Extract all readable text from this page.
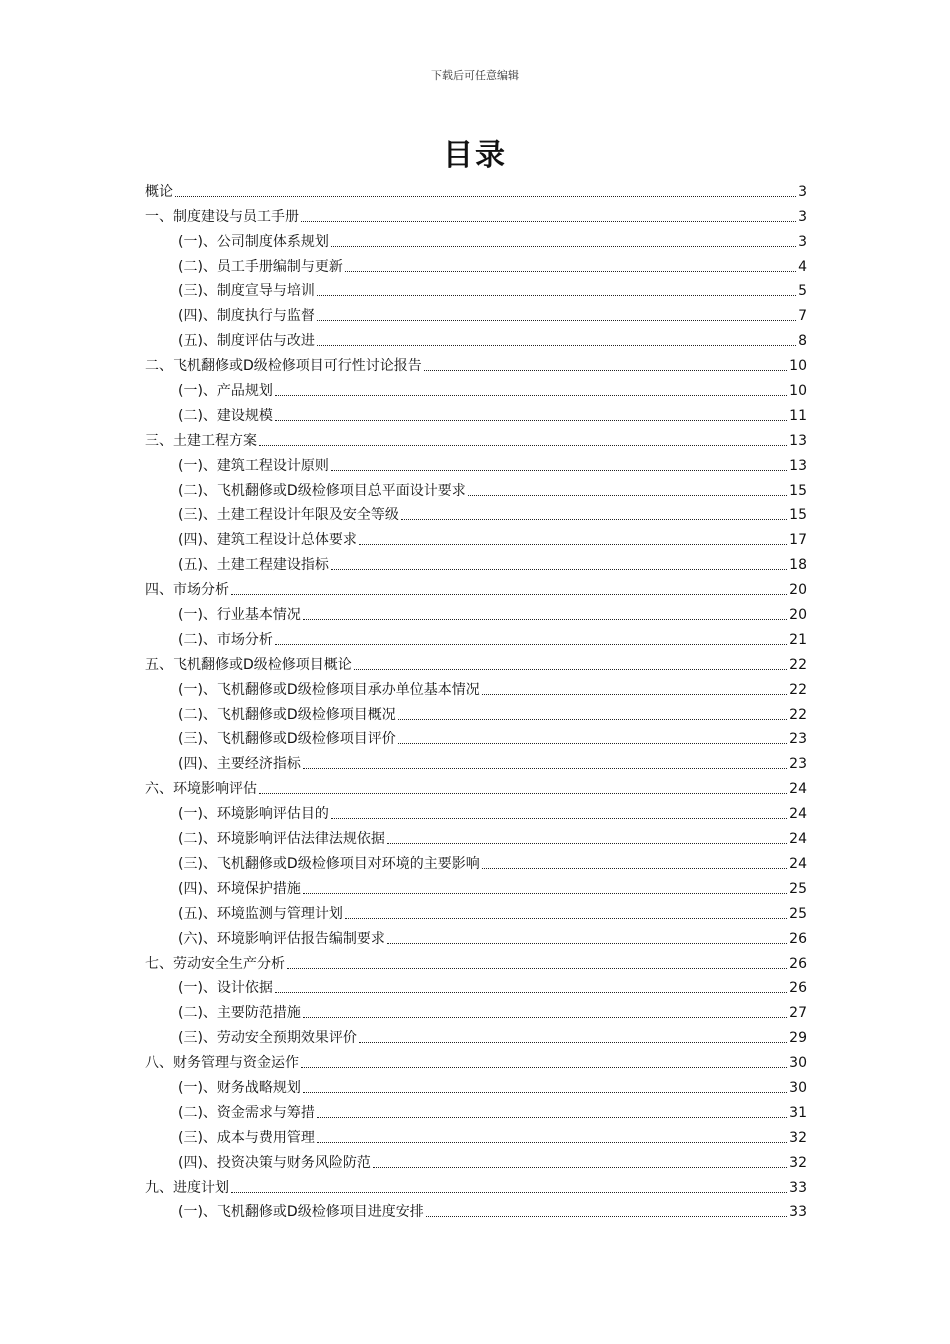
下载后可任意编辑
目录
概论	3
一、制度建设与员工手册	3
(一)、公司制度体系规划	3
(二)、员工手册编制与更新	4
(三)、制度宣导与培训	5
(四)、制度执行与监督	7
(五)、制度评估与改进	8
二、飞机翻修或D级检修项目可行性讨论报告	10
(一)、产品规划	10
(二)、建设规模	11
三、土建工程方案	13
(一)、建筑工程设计原则	13
(二)、飞机翻修或D级检修项目总平面设计要求	15
(三)、土建工程设计年限及安全等级	15
(四)、建筑工程设计总体要求	17
(五)、土建工程建设指标	18
四、市场分析	20
(一)、行业基本情况	20
(二)、市场分析	21
五、飞机翻修或D级检修项目概论	22
(一)、飞机翻修或D级检修项目承办单位基本情况	22
(二)、飞机翻修或D级检修项目概况	22
(三)、飞机翻修或D级检修项目评价	23
(四)、主要经济指标	23
六、环境影响评估	24
(一)、环境影响评估目的	24
(二)、环境影响评估法律法规依据	24
(三)、飞机翻修或D级检修项目对环境的主要影响	24
(四)、环境保护措施	25
(五)、环境监测与管理计划	25
(六)、环境影响评估报告编制要求	26
七、劳动安全生产分析	26
(一)、设计依据	26
(二)、主要防范措施	27
(三)、劳动安全预期效果评价	29
八、财务管理与资金运作	30
(一)、财务战略规划	30
(二)、资金需求与筹措	31
(三)、成本与费用管理	32
(四)、投资决策与财务风险防范	32
九、进度计划	33
(一)、飞机翻修或D级检修项目进度安排	33
